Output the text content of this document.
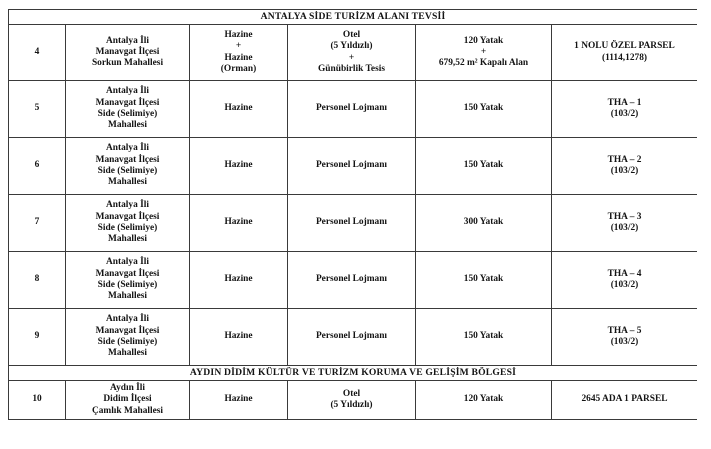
ANTALYA SİDE TURİZM ALANI TEVSİİ					
4	Antalya İli
Manavgat İlçesi
Sorkun Mahallesi	Hazine
+
Hazine
(Orman)	Otel
(5 Yıldızlı)
+
Günübirlik Tesis	120 Yatak
+
679,52 m² Kapalı Alan	1 NOLU ÖZEL PARSEL
(1114,1278)

5	Antalya İli
Manavgat İlçesi
Side (Selimiye)
Mahallesi	Hazine	Personel Lojmanı	150 Yatak	THA – 1
(103/2)

6	Antalya İli
Manavgat İlçesi
Side (Selimiye)
Mahallesi	Hazine	Personel Lojmanı	150 Yatak	THA – 2
(103/2)

7	Antalya İli
Manavgat İlçesi
Side (Selimiye)
Mahallesi	Hazine	Personel Lojmanı	300 Yatak	THA – 3
(103/2)

8	Antalya İli
Manavgat İlçesi
Side (Selimiye)
Mahallesi	Hazine	Personel Lojmanı	150 Yatak	THA – 4
(103/2)

9	Antalya İli
Manavgat İlçesi
Side (Selimiye)
Mahallesi	Hazine	Personel Lojmanı	150 Yatak	THA – 5
(103/2)

AYDIN DİDİM KÜLTÜR VE TURİZM KORUMA VE GELİŞİM BÖLGESİ					
10	Aydın İli
Didim İlçesi
Çamlık Mahallesi	Hazine	Otel
(5 Yıldızlı)	120 Yatak	2645 ADA 1 PARSEL
